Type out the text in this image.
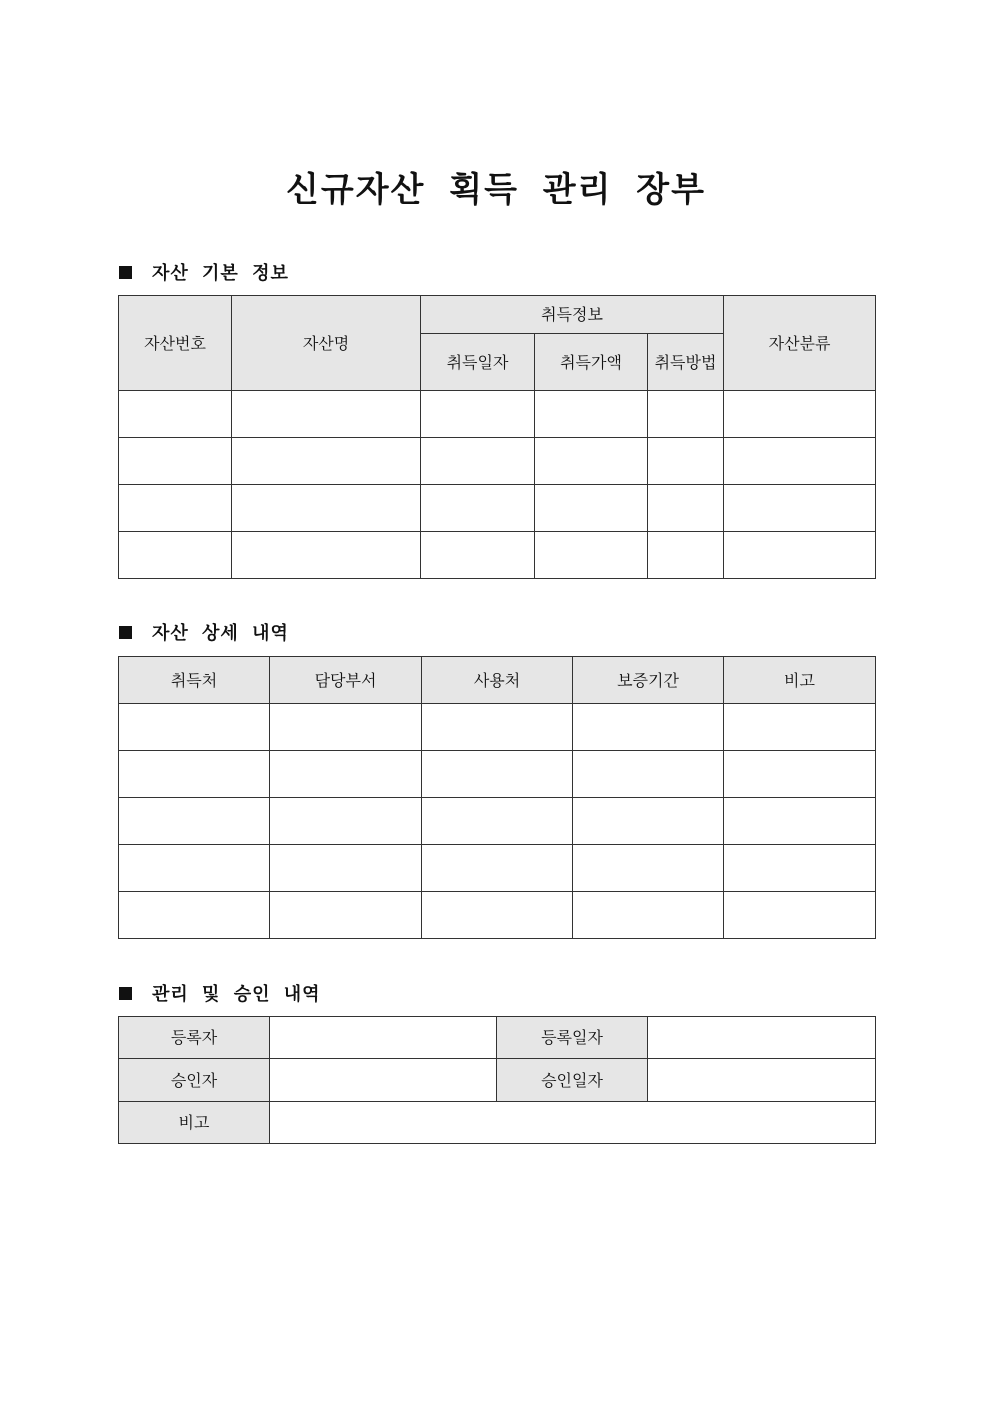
신규자산 획득 관리 장부
자산 기본 정보
자산번호	자산명	취득정보			자산분류
		취득일자	취득가액	취득방법	

자산 상세 내역
취득처	담당부서	사용처	보증기간	비고

관리 및 승인 내역
등록자		등록일자	
승인자		승인일자	
비고			
